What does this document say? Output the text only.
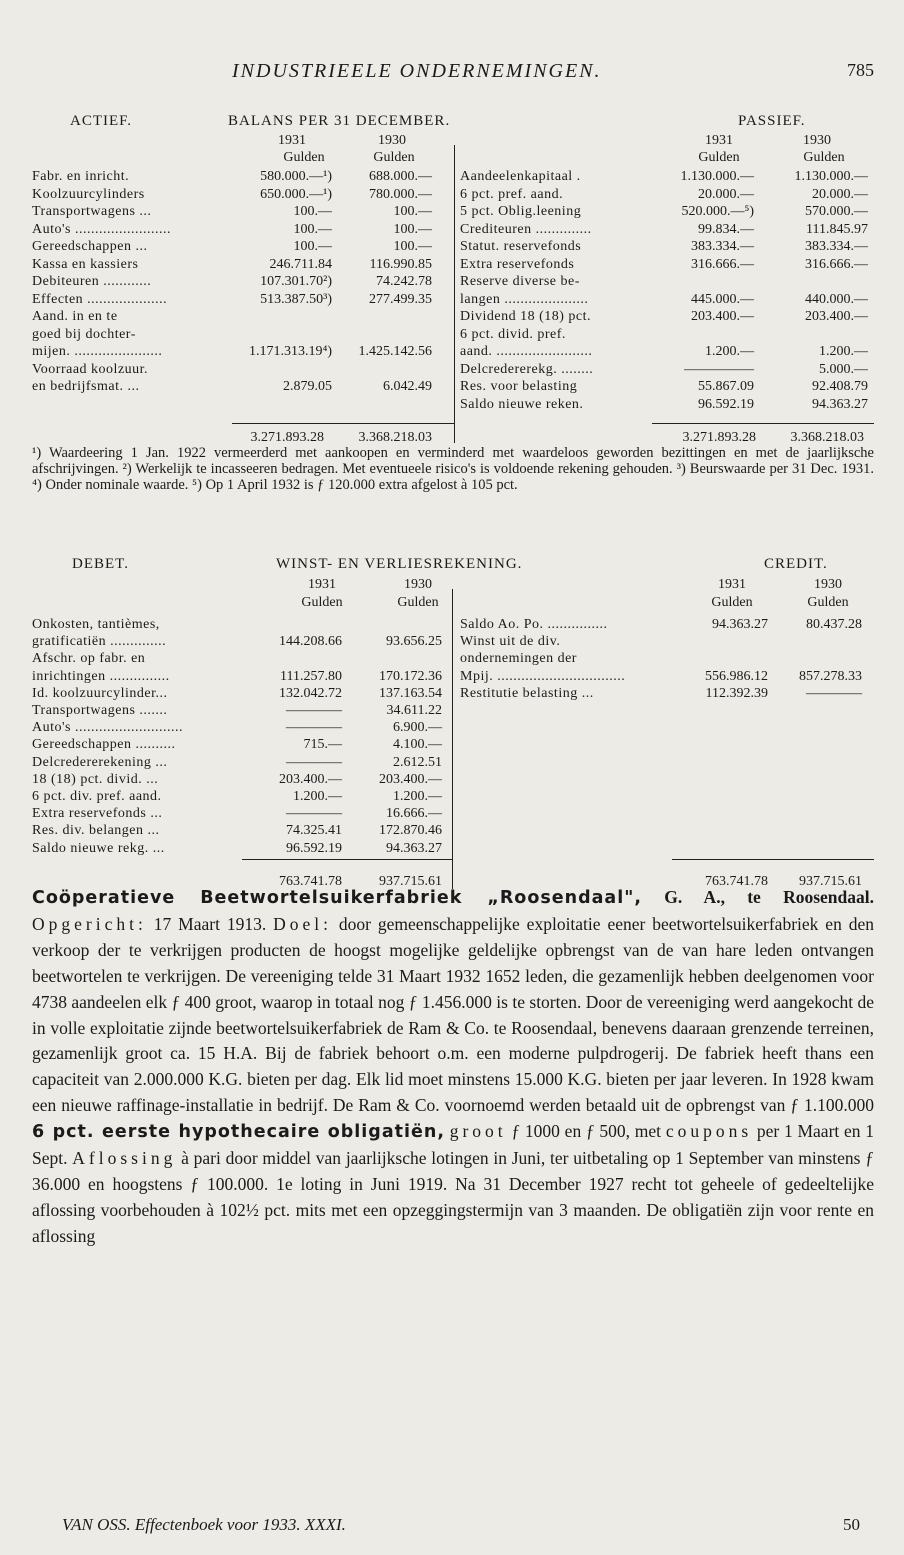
INDUSTRIEELE ONDERNEMINGEN.	785
ACTIEF.	BALANS PER 31 DECEMBER.	PASSIEF.
1931	1930
Gulden	Gulden
1931	1930
Gulden	Gulden
Fabr. en inricht.	580.000.—¹)	688.000.—
Koolzuurcylinders	650.000.—¹)	780.000.—
Transportwagens ...	100.—	100.—
Auto's ........................	100.—	100.—
Gereedschappen ...	100.—	100.—
Kassa en kassiers	246.711.84	116.990.85
Debiteuren ............	107.301.70²)	74.242.78
Effecten ....................	513.387.50³)	277.499.35
Aand. in en te
goed bij dochter-
mijen. ......................	1.171.313.19⁴)	1.425.142.56
Voorraad koolzuur.
en bedrijfsmat. ...	2.879.05	6.042.49
Aandeelenkapitaal .	1.130.000.—	1.130.000.—
6 pct. pref. aand.	20.000.—	20.000.—
5 pct. Oblig.leening	520.000.—⁵)	570.000.—
Crediteuren ..............	99.834.—	111.845.97
Statut. reservefonds	383.334.—	383.334.—
Extra reservefonds	316.666.—	316.666.—
Reserve diverse be-
langen .....................	445.000.—	440.000.—
Dividend 18 (18) pct.	203.400.—	203.400.—
6 pct. divid. pref.
aand. ........................	1.200.—	1.200.—
Delcredererekg. ........	—————	5.000.—
Res. voor belasting	55.867.09	92.408.79
Saldo nieuwe reken.	96.592.19	94.363.27
3.271.893.28	3.368.218.03	3.271.893.28	3.368.218.03
¹) Waardeering 1 Jan. 1922 vermeerderd met aankoopen en verminderd met waardeloos geworden bezittingen en met de jaarlijksche afschrijvingen. ²) Werkelijk te incasseeren bedragen. Met eventueele risico's is voldoende rekening gehouden. ³) Beurswaarde per 31 Dec. 1931. ⁴) Onder nominale waarde. ⁵) Op 1 April 1932 is ƒ 120.000 extra afgelost à 105 pct.
DEBET.	WINST- EN VERLIESREKENING.	CREDIT.
1931	1930
Gulden	Gulden
1931	1930
Gulden	Gulden
Onkosten, tantièmes,
gratificatiën ..............	144.208.66	93.656.25
Afschr. op fabr. en
inrichtingen ...............	111.257.80	170.172.36
Id. koolzuurcylinder...	132.042.72	137.163.54
Transportwagens .......	————	34.611.22
Auto's ...........................	————	6.900.—
Gereedschappen ..........	715.—	4.100.—
Delcredererekening ...	————	2.612.51
18 (18) pct. divid. ...	203.400.—	203.400.—
6 pct. div. pref. aand.	1.200.—	1.200.—
Extra reservefonds ...	————	16.666.—
Res. div. belangen ...	74.325.41	172.870.46
Saldo nieuwe rekg. ...	96.592.19	94.363.27
Saldo Ao. Po. ...............	94.363.27	80.437.28
Winst uit de div.
ondernemingen der
Mpij. ................................	556.986.12	857.278.33
Restitutie belasting ...	112.392.39	————
763.741.78	937.715.61	763.741.78	937.715.61
Coöperatieve Beetwortelsuikerfabriek „Roosendaal", G. A., te Roosendaal. Opgericht: 17 Maart 1913. Doel: door gemeenschappelijke exploitatie eener beetwortelsuikerfabriek en den verkoop der te verkrijgen producten de hoogst mogelijke geldelijke opbrengst van de van hare leden ontvangen beetwortelen te verkrijgen. De vereeniging telde 31 Maart 1932 1652 leden, die gezamenlijk hebben deelgenomen voor 4738 aandeelen elk ƒ 400 groot, waarop in totaal nog ƒ 1.456.000 is te storten. Door de vereeniging werd aangekocht de in volle exploitatie zijnde beetwortelsuikerfabriek de Ram & Co. te Roosendaal, benevens daaraan grenzende terreinen, gezamenlijk groot ca. 15 H.A. Bij de fabriek behoort o.m. een moderne pulpdrogerij. De fabriek heeft thans een capaciteit van 2.000.000 K.G. bieten per dag. Elk lid moet minstens 15.000 K.G. bieten per jaar leveren. In 1928 kwam een nieuwe raffinage-installatie in bedrijf. De Ram & Co. voornoemd werden betaald uit de opbrengst van ƒ 1.100.000 6 pct. eerste hypothecaire obligatiën, groot ƒ 1000 en ƒ 500, met coupons per 1 Maart en 1 Sept. Aflossing à pari door middel van jaarlijksche lotingen in Juni, ter uitbetaling op 1 September van minstens ƒ 36.000 en hoogstens ƒ 100.000. 1e loting in Juni 1919. Na 31 December 1927 recht tot geheele of gedeeltelijke aflossing voorbehouden à 102½ pct. mits met een opzeggingstermijn van 3 maanden. De obligatiën zijn voor rente en aflossing
VAN OSS. Effectenboek voor 1933. XXXI.	50
